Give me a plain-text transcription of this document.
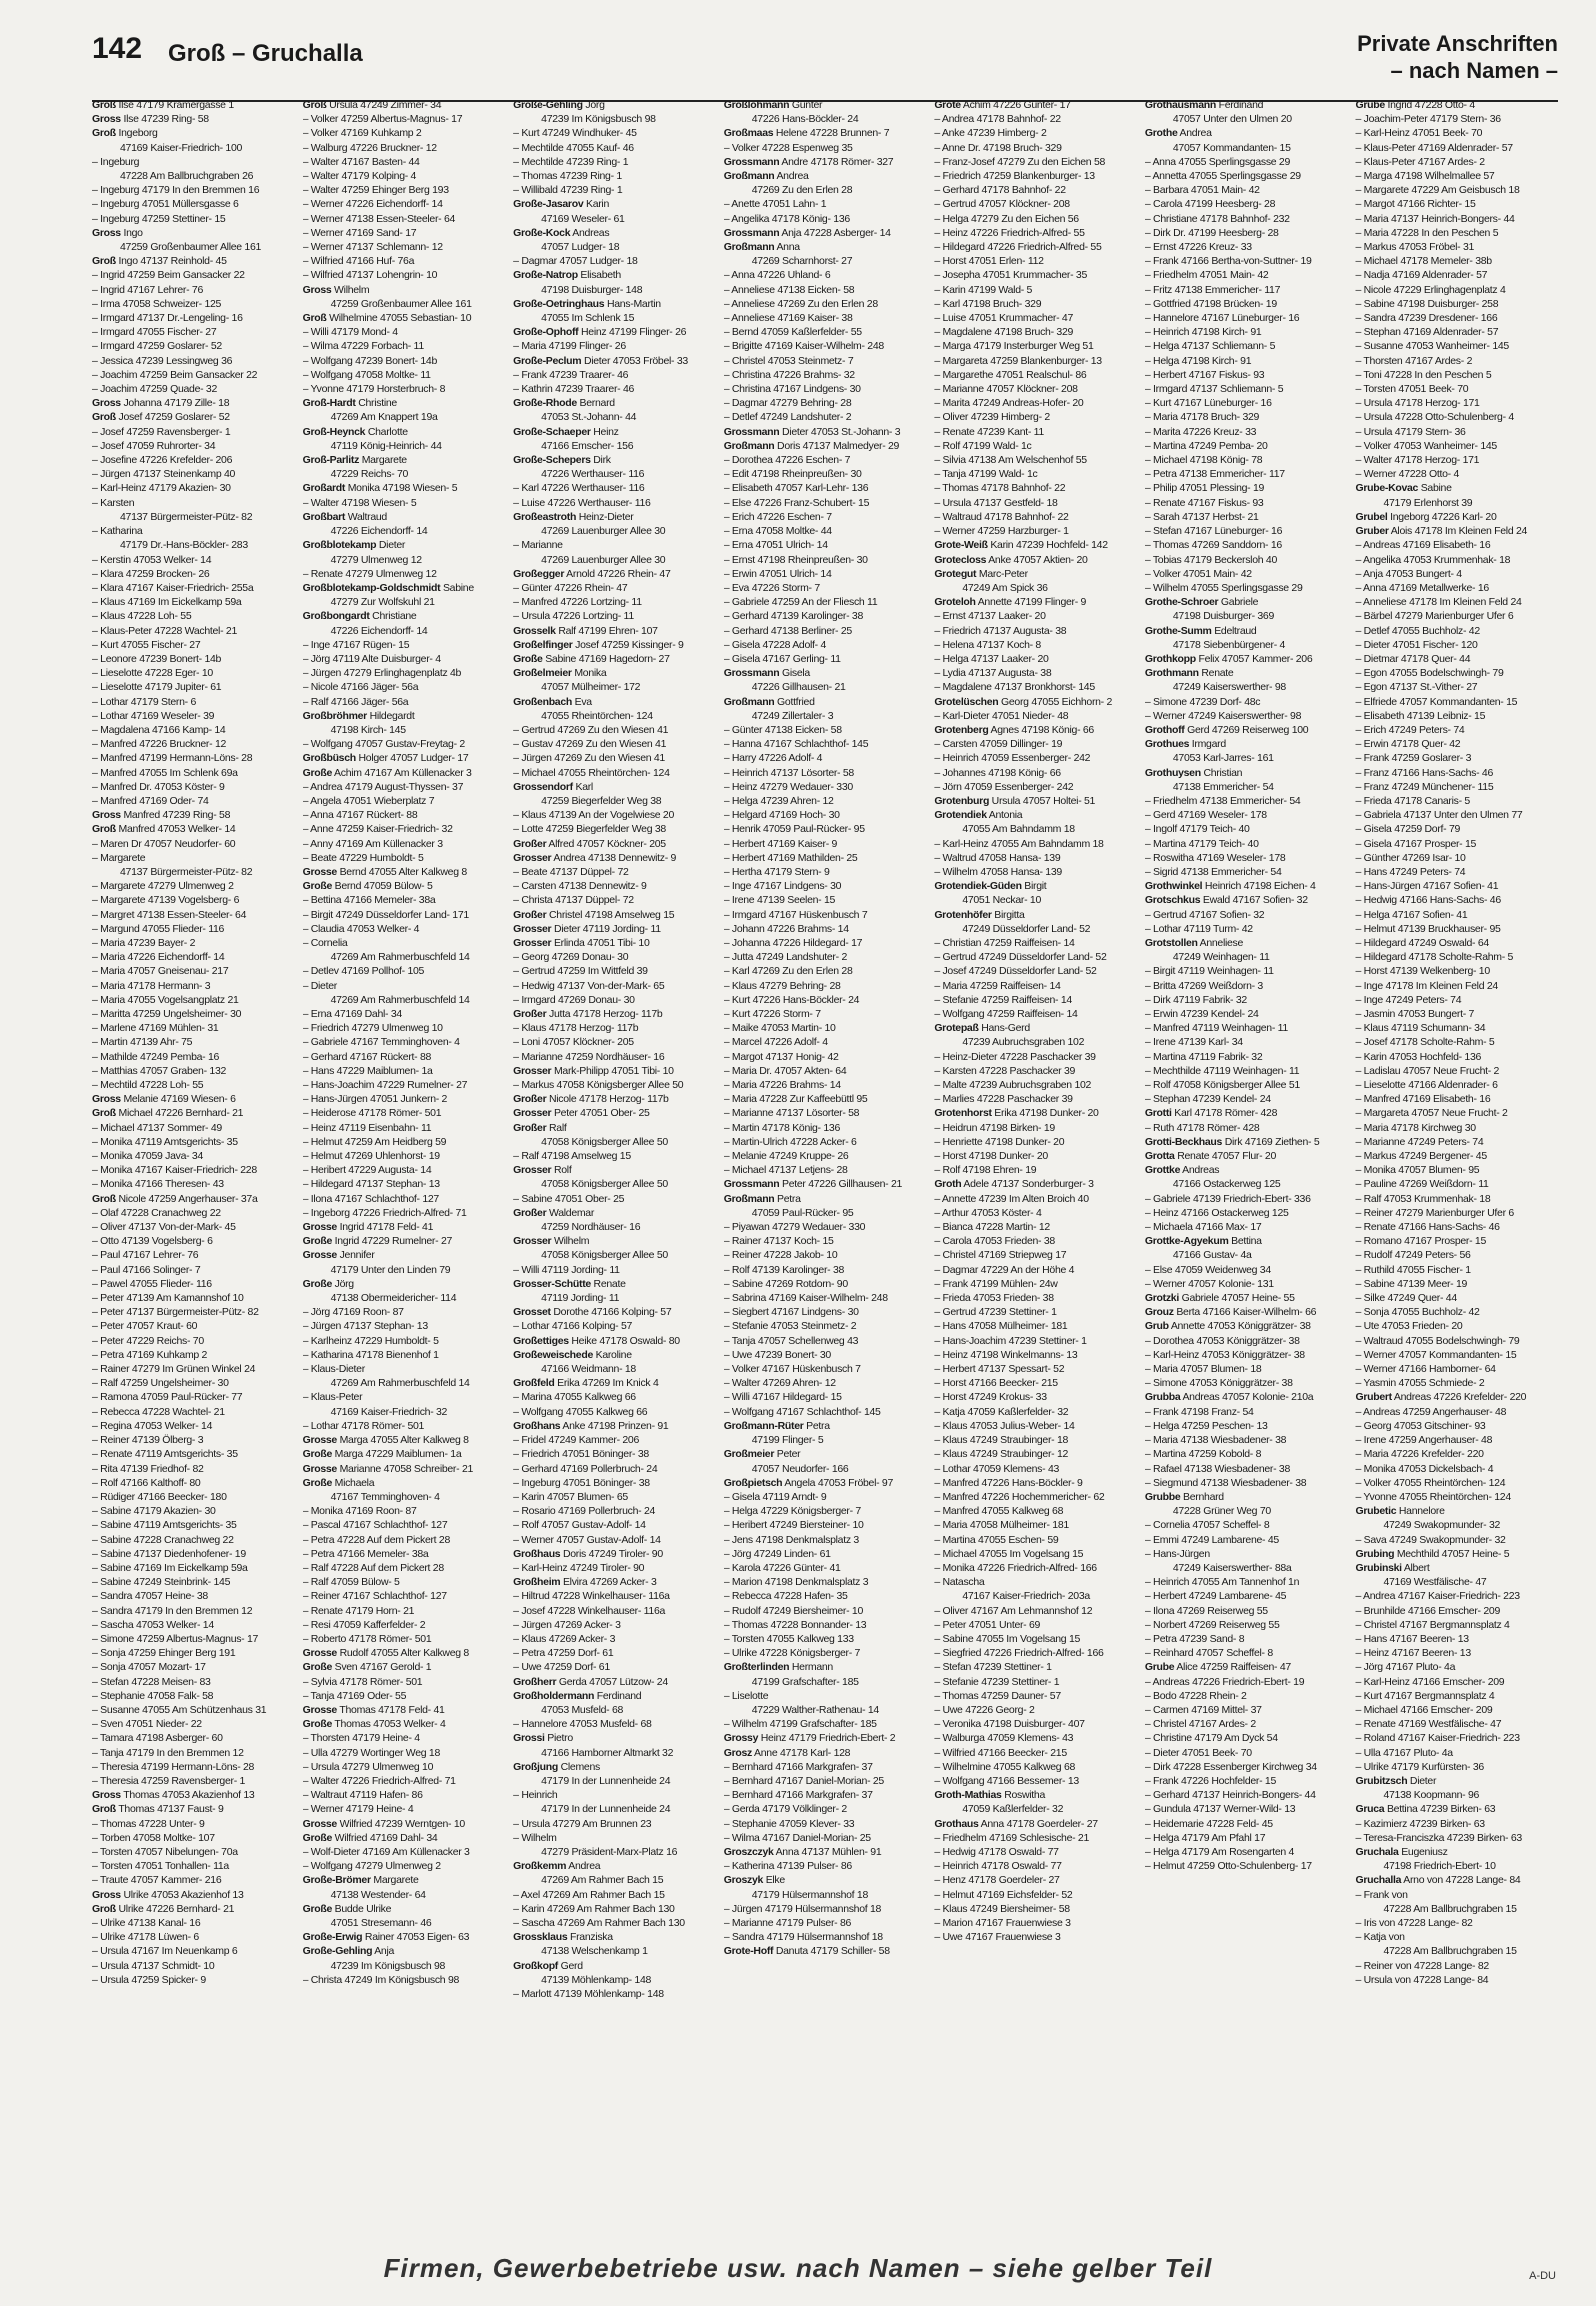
142 Groß – Gruchalla	Private Anschriften
– nach Namen –
Groß Ilse 47179 Krämergasse 1
Gross Ilse 47239 Ring- 58
Groß Ingeborg
47169 Kaiser-Friedrich- 100
– Ingeburg
47228 Am Ballbruchgraben 26
– Ingeburg 47179 In den Bremmen 16
– Ingeburg 47051 Müllersgasse 6
– Ingeburg 47259 Stettiner- 15
Gross Ingo
47259 Großenbaumer Allee 161
Groß Ingo 47137 Reinhold- 45
– Ingrid 47259 Beim Gansacker 22
– Ingrid 47167 Lehrer- 76
– Irma 47058 Schweizer- 125
– Irmgard 47137 Dr.-Lengeling- 16
– Irmgard 47055 Fischer- 27
– Irmgard 47259 Goslarer- 52
– Jessica 47239 Lessingweg 36
– Joachim 47259 Beim Gansacker 22
– Joachim 47259 Quade- 32
Gross Johanna 47179 Zille- 18
Groß Josef 47259 Goslarer- 52
– Josef 47259 Ravensberger- 1
– Josef 47059 Ruhrorter- 34
– Josefine 47226 Krefelder- 206
– Jürgen 47137 Steinenkamp 40
– Karl-Heinz 47179 Akazien- 30
– Karsten
47137 Bürgermeister-Pütz- 82
– Katharina
47179 Dr.-Hans-Böckler- 283
– Kerstin 47053 Welker- 14
– Klara 47259 Brocken- 26
– Klara 47167 Kaiser-Friedrich- 255a
– Klaus 47169 Im Eickelkamp 59a
– Klaus 47228 Loh- 55
– Klaus-Peter 47228 Wachtel- 21
– Kurt 47055 Fischer- 27
– Leonore 47239 Bonert- 14b
– Lieselotte 47228 Eger- 10
– Lieselotte 47179 Jupiter- 61
– Lothar 47179 Stern- 6
– Lothar 47169 Weseler- 39
– Magdalena 47166 Kamp- 14
– Manfred 47226 Bruckner- 12
– Manfred 47199 Hermann-Löns- 28
– Manfred 47055 Im Schlenk 69a
– Manfred Dr. 47053 Köster- 9
– Manfred 47169 Oder- 74
Gross Manfred 47239 Ring- 58
Groß Manfred 47053 Welker- 14
– Maren Dr 47057 Neudorfer- 60
– Margarete
47137 Bürgermeister-Pütz- 82
– Margarete 47279 Ulmenweg 2
– Margarete 47139 Vogelsberg- 6
– Margret 47138 Essen-Steeler- 64
– Margund 47055 Flieder- 116
– Maria 47239 Bayer- 2
– Maria 47226 Eichendorff- 14
– Maria 47057 Gneisenau- 217
– Maria 47178 Hermann- 3
– Maria 47055 Vogelsangplatz 21
– Maritta 47259 Ungelsheimer- 30
– Marlene 47169 Mühlen- 31
– Martin 47139 Ahr- 75
– Mathilde 47249 Pemba- 16
– Matthias 47057 Graben- 132
– Mechtild 47228 Loh- 55
Gross Melanie 47169 Wiesen- 6
Groß Michael 47226 Bernhard- 21
– Michael 47137 Sommer- 49
– Monika 47119 Amtsgerichts- 35
– Monika 47059 Java- 34
– Monika 47167 Kaiser-Friedrich- 228
– Monika 47166 Theresen- 43
Groß Nicole 47259 Angerhauser- 37a
– Olaf 47228 Cranachweg 22
– Oliver 47137 Von-der-Mark- 45
– Otto 47139 Vogelsberg- 6
– Paul 47167 Lehrer- 76
– Paul 47166 Solinger- 7
– Pawel 47055 Flieder- 116
– Peter 47139 Am Kamannshof 10
– Peter 47137 Bürgermeister-Pütz- 82
– Peter 47057 Kraut- 60
– Peter 47229 Reichs- 70
– Petra 47169 Kuhkamp 2
– Rainer 47279 Im Grünen Winkel 24
– Ralf 47259 Ungelsheimer- 30
– Ramona 47059 Paul-Rücker- 77
– Rebecca 47228 Wachtel- 21
– Regina 47053 Welker- 14
– Reiner 47139 Ölberg- 3
– Renate 47119 Amtsgerichts- 35
– Rita 47139 Friedhof- 82
– Rolf 47166 Kalthoff- 80
– Rüdiger 47166 Beecker- 180
– Sabine 47179 Akazien- 30
– Sabine 47119 Amtsgerichts- 35
– Sabine 47228 Cranachweg 22
– Sabine 47137 Diedenhofener- 19
– Sabine 47169 Im Eickelkamp 59a
– Sabine 47249 Steinbrink- 145
– Sandra 47057 Heine- 38
– Sandra 47179 In den Bremmen 12
– Sascha 47053 Welker- 14
– Simone 47259 Albertus-Magnus- 17
– Sonja 47259 Ehinger Berg 191
– Sonja 47057 Mozart- 17
– Stefan 47228 Meisen- 83
– Stephanie 47058 Falk- 58
– Susanne 47055 Am Schützenhaus 31
– Sven 47051 Nieder- 22
– Tamara 47198 Asberger- 60
– Tanja 47179 In den Bremmen 12
– Theresia 47199 Hermann-Löns- 28
– Theresia 47259 Ravensberger- 1
Gross Thomas 47053 Akazienhof 13
Groß Thomas 47137 Faust- 9
– Thomas 47228 Unter- 9
– Torben 47058 Moltke- 107
– Torsten 47057 Nibelungen- 70a
– Torsten 47051 Tonhallen- 11a
– Traute 47057 Kammer- 216
Gross Ulrike 47053 Akazienhof 13
Groß Ulrike 47226 Bernhard- 21
– Ulrike 47138 Kanal- 16
– Ulrike 47178 Lüwen- 6
– Ursula 47167 Im Neuenkamp 6
– Ursula 47137 Schmidt- 10
– Ursula 47259 Spicker- 9
Groß Ursula 47249 Zimmer- 34
– Volker 47259 Albertus-Magnus- 17
– Volker 47169 Kuhkamp 2
– Walburg 47226 Bruckner- 12
– Walter 47167 Basten- 44
– Walter 47179 Kolping- 4
– Walter 47259 Ehinger Berg 193
– Werner 47226 Eichendorff- 14
– Werner 47138 Essen-Steeler- 64
– Werner 47169 Sand- 17
– Werner 47137 Schlemann- 12
– Wilfried 47166 Huf- 76a
– Wilfried 47137 Lohengrin- 10
Gross Wilhelm
47259 Großenbaumer Allee 161
Groß Wilhelmine 47055 Sebastian- 10
– Willi 47179 Mond- 4
– Wilma 47229 Forbach- 11
– Wolfgang 47239 Bonert- 14b
– Wolfgang 47058 Moltke- 11
– Yvonne 47179 Horsterbruch- 8
Groß-Hardt Christine
47269 Am Knappert 19a
Groß-Heynck Charlotte
47119 König-Heinrich- 44
Groß-Parlitz Margarete
47229 Reichs- 70
Großardt Monika 47198 Wiesen- 5
– Walter 47198 Wiesen- 5
Großbart Waltraud
47226 Eichendorff- 14
Großblotekamp Dieter
47279 Ulmenweg 12
– Renate 47279 Ulmenweg 12
Großblotekamp-Goldschmidt Sabine
47279 Zur Wolfskuhl 21
Großbongardt Christiane
47226 Eichendorff- 14
– Inge 47167 Rügen- 15
– Jörg 47119 Alte Duisburger- 4
– Jürgen 47279 Erlinghagenplatz 4b
– Nicole 47166 Jäger- 56a
– Ralf 47166 Jäger- 56a
Großbröhmer Hildegardt
47198 Kirch- 145
– Wolfgang 47057 Gustav-Freytag- 2
Großbüsch Holger 47057 Ludger- 17
Große Achim 47167 Am Küllenacker 3
– Andrea 47179 August-Thyssen- 37
– Angela 47051 Wieberplatz 7
– Anna 47167 Rückert- 88
– Anne 47259 Kaiser-Friedrich- 32
– Anny 47169 Am Küllenacker 3
– Beate 47229 Humboldt- 5
Grosse Bernd 47055 Alter Kalkweg 8
Große Bernd 47059 Bülow- 5
– Bettina 47166 Memeler- 38a
– Birgit 47249 Düsseldorfer Land- 171
– Claudia 47053 Welker- 4
– Cornelia
47269 Am Rahmerbuschfeld 14
– Detlev 47169 Pollhof- 105
– Dieter
47269 Am Rahmerbuschfeld 14
– Erna 47169 Dahl- 34
– Friedrich 47279 Ulmenweg 10
– Gabriele 47167 Temminghoven- 4
– Gerhard 47167 Rückert- 88
– Hans 47229 Maiblumen- 1a
– Hans-Joachim 47229 Rumelner- 27
– Hans-Jürgen 47051 Junkern- 2
– Heiderose 47178 Römer- 501
– Heinz 47119 Eisenbahn- 11
– Helmut 47259 Am Heidberg 59
– Helmut 47269 Uhlenhorst- 19
– Heribert 47229 Augusta- 14
– Hildegard 47137 Stephan- 13
– Ilona 47167 Schlachthof- 127
– Ingeborg 47226 Friedrich-Alfred- 71
Grosse Ingrid 47178 Feld- 41
Große Ingrid 47229 Rumelner- 27
Grosse Jennifer
47179 Unter den Linden 79
Große Jörg
47138 Obermeidericher- 114
– Jörg 47169 Roon- 87
– Jürgen 47137 Stephan- 13
– Karlheinz 47229 Humboldt- 5
– Katharina 47178 Bienenhof 1
– Klaus-Dieter
47269 Am Rahmerbuschfeld 14
– Klaus-Peter
47169 Kaiser-Friedrich- 32
– Lothar 47178 Römer- 501
Grosse Marga 47055 Alter Kalkweg 8
Große Marga 47229 Maiblumen- 1a
Grosse Marianne 47058 Schreiber- 21
Große Michaela
47167 Temminghoven- 4
– Monika 47169 Roon- 87
– Pascal 47167 Schlachthof- 127
– Petra 47228 Auf dem Pickert 28
– Petra 47166 Memeler- 38a
– Ralf 47228 Auf dem Pickert 28
– Ralf 47059 Bülow- 5
– Reiner 47167 Schlachthof- 127
– Renate 47179 Horn- 21
– Resi 47059 Kafferfelder- 2
– Roberto 47178 Römer- 501
Grosse Rudolf 47055 Alter Kalkweg 8
Große Sven 47167 Gerold- 1
– Sylvia 47178 Römer- 501
– Tanja 47169 Oder- 55
Grosse Thomas 47178 Feld- 41
Große Thomas 47053 Welker- 4
– Thorsten 47179 Heine- 4
– Ulla 47279 Wortinger Weg 18
– Ursula 47279 Ulmenweg 10
– Walter 47226 Friedrich-Alfred- 71
– Waltraut 47119 Hafen- 86
– Werner 47179 Heine- 4
Grosse Wilfried 47239 Werntgen- 10
Große Wilfried 47169 Dahl- 34
– Wolf-Dieter 47169 Am Küllenacker 3
– Wolfgang 47279 Ulmenweg 2
Große-Brömer Margarete
47138 Westender- 64
Große Budde Ulrike
47051 Stresemann- 46
Große-Erwig Rainer 47053 Eigen- 63
Große-Gehling Anja
47239 Im Königsbusch 98
– Christa 47249 Im Königsbusch 98
Große-Gehling Jörg
47239 Im Königsbusch 98
– Kurt 47249 Windhuker- 45
– Mechtilde 47055 Kauf- 46
– Mechtilde 47239 Ring- 1
– Thomas 47239 Ring- 1
– Willibald 47239 Ring- 1
Große-Jasarov Karin
47169 Weseler- 61
Große-Kock Andreas
47057 Ludger- 18
– Dagmar 47057 Ludger- 18
Große-Natrop Elisabeth
47198 Duisburger- 148
Große-Oetringhaus Hans-Martin
47055 Im Schlenk 15
Große-Ophoff Heinz 47199 Flinger- 26
– Maria 47199 Flinger- 26
Große-Peclum Dieter 47053 Fröbel- 33
– Frank 47239 Traarer- 46
– Kathrin 47239 Traarer- 46
Große-Rhode Bernard
47053 St.-Johann- 44
Große-Schaeper Heinz
47166 Emscher- 156
Große-Schepers Dirk
47226 Werthauser- 116
– Karl 47226 Werthauser- 116
– Luise 47226 Werthauser- 116
Großeastroth Heinz-Dieter
47269 Lauenburger Allee 30
– Marianne
47269 Lauenburger Allee 30
Großegger Arnold 47226 Rhein- 47
– Günter 47226 Rhein- 47
– Manfred 47226 Lortzing- 11
– Ursula 47226 Lortzing- 11
Grosselk Ralf 47199 Ehren- 107
Großelfinger Josef 47259 Kissinger- 9
Große Sabine 47169 Hagedorn- 27
Großelmeier Monika
47057 Mülheimer- 172
Großenbach Eva
47055 Rheintörchen- 124
– Gertrud 47269 Zu den Wiesen 41
– Gustav 47269 Zu den Wiesen 41
– Jürgen 47269 Zu den Wiesen 41
– Michael 47055 Rheintörchen- 124
Grossendorf Karl
47259 Biegerfelder Weg 38
– Klaus 47139 An der Vogelwiese 20
– Lotte 47259 Biegerfelder Weg 38
Großer Alfred 47057 Köckner- 205
Grosser Andrea 47138 Dennewitz- 9
– Beate 47137 Düppel- 72
– Carsten 47138 Dennewitz- 9
– Christa 47137 Düppel- 72
Großer Christel 47198 Amselweg 15
Grosser Dieter 47119 Jording- 11
Grosser Erlinda 47051 Tibi- 10
– Georg 47269 Donau- 30
– Gertrud 47259 Im Wittfeld 39
– Hedwig 47137 Von-der-Mark- 65
– Irmgard 47269 Donau- 30
Großer Jutta 47178 Herzog- 117b
– Klaus 47178 Herzog- 117b
– Loni 47057 Klöckner- 205
– Marianne 47259 Nordhäuser- 16
Grosser Mark-Philipp 47051 Tibi- 10
– Markus 47058 Königsberger Allee 50
Großer Nicole 47178 Herzog- 117b
Grosser Peter 47051 Ober- 25
Großer Ralf
47058 Königsberger Allee 50
– Ralf 47198 Amselweg 15
Grosser Rolf
47058 Königsberger Allee 50
– Sabine 47051 Ober- 25
Großer Waldemar
47259 Nordhäuser- 16
Grosser Wilhelm
47058 Königsberger Allee 50
– Willi 47119 Jording- 11
Grosser-Schütte Renate
47119 Jording- 11
Grosset Dorothe 47166 Kolping- 57
– Lothar 47166 Kolping- 57
Großettiges Heike 47178 Oswald- 80
Großeweischede Karoline
47166 Weidmann- 18
Großfeld Erika 47269 Im Knick 4
– Marina 47055 Kalkweg 66
– Wolfgang 47055 Kalkweg 66
Großhans Anke 47198 Prinzen- 91
– Fridel 47249 Kammer- 206
– Friedrich 47051 Böninger- 38
– Gerhard 47169 Pollerbruch- 24
– Ingeburg 47051 Böninger- 38
– Karin 47057 Blumen- 65
– Rosario 47169 Pollerbruch- 24
– Rolf 47057 Gustav-Adolf- 14
– Werner 47057 Gustav-Adolf- 14
Großhaus Doris 47249 Tiroler- 90
– Karl-Heinz 47249 Tiroler- 90
Großheim Elvira 47269 Acker- 3
– Hiltrud 47228 Winkelhauser- 116a
– Josef 47228 Winkelhauser- 116a
– Jürgen 47269 Acker- 3
– Klaus 47269 Acker- 3
– Petra 47259 Dorf- 61
– Uwe 47259 Dorf- 61
Großherr Gerda 47057 Lützow- 24
Großholdermann Ferdinand
47053 Musfeld- 68
– Hannelore 47053 Musfeld- 68
Grossi Pietro
47166 Hamborner Altmarkt 32
Großjung Clemens
47179 In der Lunnenheide 24
– Heinrich
47179 In der Lunnenheide 24
– Ursula 47279 Am Brunnen 23
– Wilhelm
47279 Präsident-Marx-Platz 16
Großkemm Andrea
47269 Am Rahmer Bach 15
– Axel 47269 Am Rahmer Bach 15
– Karin 47269 Am Rahmer Bach 130
– Sascha 47269 Am Rahmer Bach 130
Grossklaus Franziska
47138 Welschenkamp 1
Großkopf Gerd
47139 Möhlenkamp- 148
– Marlott 47139 Möhlenkamp- 148
Großlohmann Günter
47226 Hans-Böckler- 24
Großmaas Helene 47228 Brunnen- 7
– Volker 47228 Espenweg 35
Grossmann Andre 47178 Römer- 327
Großmann Andrea
47269 Zu den Erlen 28
– Anette 47051 Lahn- 1
– Angelika 47178 König- 136
Grossmann Anja 47228 Asberger- 14
Großmann Anna
47269 Scharnhorst- 27
– Anna 47226 Uhland- 6
– Anneliese 47138 Eicken- 58
– Anneliese 47269 Zu den Erlen 28
– Anneliese 47169 Kaiser- 38
– Bernd 47059 Kaßlerfelder- 55
– Brigitte 47169 Kaiser-Wilhelm- 248
– Christel 47053 Steinmetz- 7
– Christina 47226 Brahms- 32
– Christina 47167 Lindgens- 30
– Dagmar 47279 Behring- 28
– Detlef 47249 Landshuter- 2
Grossmann Dieter 47053 St.-Johann- 3
Großmann Doris 47137 Malmedyer- 29
– Dorothea 47226 Eschen- 7
– Edit 47198 Rheinpreußen- 30
– Elisabeth 47057 Karl-Lehr- 136
– Else 47226 Franz-Schubert- 15
– Erich 47226 Eschen- 7
– Erna 47058 Moltke- 44
– Erna 47051 Ulrich- 14
– Ernst 47198 Rheinpreußen- 30
– Erwin 47051 Ulrich- 14
– Eva 47226 Storm- 7
– Gabriele 47259 An der Fliesch 11
– Gerhard 47139 Karolinger- 38
– Gerhard 47138 Berliner- 25
– Gisela 47228 Adolf- 4
– Gisela 47167 Gerling- 11
Grossmann Gisela
47226 Gillhausen- 21
Großmann Gottfried
47249 Zillertaler- 3
– Günter 47138 Eicken- 58
– Hanna 47167 Schlachthof- 145
– Harry 47226 Adolf- 4
– Heinrich 47137 Lösorter- 58
– Heinz 47279 Wedauer- 330
– Helga 47239 Ahren- 12
– Helgard 47169 Hoch- 30
– Henrik 47059 Paul-Rücker- 95
– Herbert 47169 Kaiser- 9
– Herbert 47169 Mathilden- 25
– Hertha 47179 Stern- 9
– Inge 47167 Lindgens- 30
– Irene 47139 Seelen- 15
– Irmgard 47167 Hüskenbusch 7
– Johann 47226 Brahms- 14
– Johanna 47226 Hildegard- 17
– Jutta 47249 Landshuter- 2
– Karl 47269 Zu den Erlen 28
– Klaus 47279 Behring- 28
– Kurt 47226 Hans-Böckler- 24
– Kurt 47226 Storm- 7
– Maike 47053 Martin- 10
– Marcel 47226 Adolf- 4
– Margot 47137 Honig- 42
– Maria Dr. 47057 Akten- 64
– Maria 47226 Brahms- 14
– Maria 47228 Zur Kaffeebüttl 95
– Marianne 47137 Lösorter- 58
– Martin 47178 König- 136
– Martin-Ulrich 47228 Acker- 6
– Melanie 47249 Kruppe- 26
– Michael 47137 Letjens- 28
Grossmann Peter 47226 Gillhausen- 21
Großmann Petra
47059 Paul-Rücker- 95
– Piyawan 47279 Wedauer- 330
– Rainer 47137 Koch- 15
– Reiner 47228 Jakob- 10
– Rolf 47139 Karolinger- 38
– Sabine 47269 Rotdorn- 90
– Sabrina 47169 Kaiser-Wilhelm- 248
– Siegbert 47167 Lindgens- 30
– Stefanie 47053 Steinmetz- 2
– Tanja 47057 Schellenweg 43
– Uwe 47239 Bonert- 30
– Volker 47167 Hüskenbusch 7
– Walter 47269 Ahren- 12
– Willi 47167 Hildegard- 15
– Wolfgang 47167 Schlachthof- 145
Großmann-Rüter Petra
47199 Flinger- 5
Großmeier Peter
47057 Neudorfer- 166
Großpietsch Angela 47053 Fröbel- 97
– Gisela 47119 Arndt- 9
– Helga 47229 Königsberger- 7
– Heribert 47249 Biersteiner- 10
– Jens 47198 Denkmalsplatz 3
– Jörg 47249 Linden- 61
– Karola 47226 Günter- 41
– Marion 47198 Denkmalsplatz 3
– Rebecca 47228 Hafen- 35
– Rudolf 47249 Biersheimer- 10
– Thomas 47228 Bonnander- 13
– Torsten 47055 Kalkweg 133
– Ulrike 47228 Königsberger- 7
Großterlinden Hermann
47199 Grafschafter- 185
– Liselotte
47229 Walther-Rathenau- 14
– Wilhelm 47199 Grafschafter- 185
Grossy Heinz 47179 Friedrich-Ebert- 2
Grosz Anne 47178 Karl- 128
– Bernhard 47166 Markgrafen- 37
– Bernhard 47167 Daniel-Morian- 25
– Bernhard 47166 Markgrafen- 37
– Gerda 47179 Völklinger- 2
– Stephanie 47059 Klever- 33
– Wilma 47167 Daniel-Morian- 25
Groszczyk Anna 47137 Mühlen- 91
– Katherina 47139 Pulser- 86
Groszyk Elke
47179 Hülsermannshof 18
– Jürgen 47179 Hülsermannshof 18
– Marianne 47179 Pulser- 86
– Sandra 47179 Hülsermannshof 18
Grote-Hoff Danuta 47179 Schiller- 58
Grote Achim 47226 Günter- 17
– Andrea 47178 Bahnhof- 22
– Anke 47239 Himberg- 2
– Anne Dr. 47198 Bruch- 329
– Franz-Josef 47279 Zu den Eichen 58
– Friedrich 47259 Blankenburger- 13
– Gerhard 47178 Bahnhof- 22
– Gertrud 47057 Klöckner- 208
– Helga 47279 Zu den Eichen 56
– Heinz 47226 Friedrich-Alfred- 55
– Hildegard 47226 Friedrich-Alfred- 55
– Horst 47051 Erlen- 112
– Josepha 47051 Krummacher- 35
– Karin 47199 Wald- 5
– Karl 47198 Bruch- 329
– Luise 47051 Krummacher- 47
– Magdalene 47198 Bruch- 329
– Marga 47179 Insterburger Weg 51
– Margareta 47259 Blankenburger- 13
– Margarethe 47051 Realschul- 86
– Marianne 47057 Klöckner- 208
– Marita 47249 Andreas-Hofer- 20
– Oliver 47239 Himberg- 2
– Renate 47239 Kant- 11
– Rolf 47199 Wald- 1c
– Silvia 47138 Am Welschenhof 55
– Tanja 47199 Wald- 1c
– Thomas 47178 Bahnhof- 22
– Ursula 47137 Gestfeld- 18
– Waltraud 47178 Bahnhof- 22
– Werner 47259 Harzburger- 1
Grote-Weiß Karin 47239 Hochfeld- 142
Grotecloss Anke 47057 Aktien- 20
Grotegut Marc-Peter
47249 Am Spick 36
Groteloh Annette 47199 Flinger- 9
– Ernst 47137 Laaker- 20
– Friedrich 47137 Augusta- 38
– Helena 47137 Koch- 8
– Helga 47137 Laaker- 20
– Lydia 47137 Augusta- 38
– Magdalene 47137 Bronkhorst- 145
Grotelüschen Georg 47055 Eichhorn- 2
– Karl-Dieter 47051 Nieder- 48
Grotenberg Agnes 47198 König- 66
– Carsten 47059 Dillinger- 19
– Heinrich 47059 Essenberger- 242
– Johannes 47198 König- 66
– Jörn 47059 Essenberger- 242
Grotenburg Ursula 47057 Holtei- 51
Grotendiek Antonia
47055 Am Bahndamm 18
– Karl-Heinz 47055 Am Bahndamm 18
– Waltrud 47058 Hansa- 139
– Wilhelm 47058 Hansa- 139
Grotendiek-Güden Birgit
47051 Neckar- 10
Grotenhöfer Birgitta
47249 Düsseldorfer Land- 52
– Christian 47259 Raiffeisen- 14
– Gertrud 47249 Düsseldorfer Land- 52
– Josef 47249 Düsseldorfer Land- 52
– Maria 47259 Raiffeisen- 14
– Stefanie 47259 Raiffeisen- 14
– Wolfgang 47259 Raiffeisen- 14
Grotepaß Hans-Gerd
47239 Aubruchsgraben 102
– Heinz-Dieter 47228 Paschacker 39
– Karsten 47228 Paschacker 39
– Malte 47239 Aubruchsgraben 102
– Marlies 47228 Paschacker 39
Grotenhorst Erika 47198 Dunker- 20
– Heidrun 47198 Birken- 19
– Henriette 47198 Dunker- 20
– Horst 47198 Dunker- 20
– Rolf 47198 Ehren- 19
Groth Adele 47137 Sonderburger- 3
– Annette 47239 Im Alten Broich 40
– Arthur 47053 Köster- 4
– Bianca 47228 Martin- 12
– Carola 47053 Frieden- 38
– Christel 47169 Striepweg 17
– Dagmar 47229 An der Höhe 4
– Frank 47199 Mühlen- 24w
– Frieda 47053 Frieden- 38
– Gertrud 47239 Stettiner- 1
– Hans 47058 Mülheimer- 181
– Hans-Joachim 47239 Stettiner- 1
– Heinz 47198 Winkelmanns- 13
– Herbert 47137 Spessart- 52
– Horst 47166 Beecker- 215
– Horst 47249 Krokus- 33
– Katja 47059 Kaßlerfelder- 32
– Klaus 47053 Julius-Weber- 14
– Klaus 47249 Straubinger- 18
– Klaus 47249 Straubinger- 12
– Lothar 47059 Klemens- 43
– Manfred 47226 Hans-Böckler- 9
– Manfred 47226 Hochemmericher- 62
– Manfred 47055 Kalkweg 68
– Maria 47058 Mülheimer- 181
– Martina 47055 Eschen- 59
– Michael 47055 Im Vogelsang 15
– Monika 47226 Friedrich-Alfred- 166
– Natascha
47167 Kaiser-Friedrich- 203a
– Oliver 47167 Am Lehmannshof 12
– Peter 47051 Unter- 69
– Sabine 47055 Im Vogelsang 15
– Siegfried 47226 Friedrich-Alfred- 166
– Stefan 47239 Stettiner- 1
– Stefanie 47239 Stettiner- 1
– Thomas 47259 Dauner- 57
– Uwe 47226 Georg- 2
– Veronika 47198 Duisburger- 407
– Walburga 47059 Klemens- 43
– Wilfried 47166 Beecker- 215
– Wilhelmine 47055 Kalkweg 68
– Wolfgang 47166 Bessemer- 13
Groth-Mathias Roswitha
47059 Kaßlerfelder- 32
Grothaus Anna 47178 Goerdeler- 27
– Friedhelm 47169 Schlesische- 21
– Hedwig 47178 Oswald- 77
– Heinrich 47178 Oswald- 77
– Henz 47178 Goerdeler- 27
– Helmut 47169 Eichsfelder- 52
– Klaus 47249 Biersheimer- 58
– Marion 47167 Frauenwiese 3
– Uwe 47167 Frauenwiese 3
Grothausmann Ferdinand
47057 Unter den Ulmen 20
Grothe Andrea
47057 Kommandanten- 15
– Anna 47055 Sperlingsgasse 29
– Annetta 47055 Sperlingsgasse 29
– Barbara 47051 Main- 42
– Carola 47199 Heesberg- 28
– Christiane 47178 Bahnhof- 232
– Dirk Dr. 47199 Heesberg- 28
– Ernst 47226 Kreuz- 33
– Frank 47166 Bertha-von-Suttner- 19
– Friedhelm 47051 Main- 42
– Fritz 47138 Emmericher- 117
– Gottfried 47198 Brücken- 19
– Hannelore 47167 Lüneburger- 16
– Heinrich 47198 Kirch- 91
– Helga 47137 Schliemann- 5
– Helga 47198 Kirch- 91
– Herbert 47167 Fiskus- 93
– Irmgard 47137 Schliemann- 5
– Kurt 47167 Lüneburger- 16
– Maria 47178 Bruch- 329
– Marita 47226 Kreuz- 33
– Martina 47249 Pemba- 20
– Michael 47198 König- 78
– Petra 47138 Emmericher- 117
– Philip 47051 Plessing- 19
– Renate 47167 Fiskus- 93
– Sarah 47137 Herbst- 21
– Stefan 47167 Lüneburger- 16
– Thomas 47269 Sanddorn- 16
– Tobias 47179 Beckersloh 40
– Volker 47051 Main- 42
– Wilhelm 47055 Sperlingsgasse 29
Grothe-Schroer Gabriele
47198 Duisburger- 369
Grothe-Summ Edeltraud
47178 Siebenbürgener- 4
Grothkopp Felix 47057 Kammer- 206
Grothmann Renate
47249 Kaiserswerther- 98
– Simone 47239 Dorf- 48c
– Werner 47249 Kaiserswerther- 98
Grothoff Gerd 47269 Reiserweg 100
Grothues Irmgard
47053 Karl-Jarres- 161
Grothuysen Christian
47138 Emmericher- 54
– Friedhelm 47138 Emmericher- 54
– Gerd 47169 Weseler- 178
– Ingolf 47179 Teich- 40
– Martina 47179 Teich- 40
– Roswitha 47169 Weseler- 178
– Sigrid 47138 Emmericher- 54
Grothwinkel Heinrich 47198 Eichen- 4
Grotschkus Ewald 47167 Sofien- 32
– Gertrud 47167 Sofien- 32
– Lothar 47119 Turm- 42
Grotstollen Anneliese
47249 Weinhagen- 11
– Birgit 47119 Weinhagen- 11
– Britta 47269 Weißdorn- 3
– Dirk 47119 Fabrik- 32
– Erwin 47239 Kendel- 24
– Manfred 47119 Weinhagen- 11
– Irene 47139 Karl- 34
– Martina 47119 Fabrik- 32
– Mechthilde 47119 Weinhagen- 11
– Rolf 47058 Königsberger Allee 51
– Stephan 47239 Kendel- 24
Grotti Karl 47178 Römer- 428
– Ruth 47178 Römer- 428
Grotti-Beckhaus Dirk 47169 Ziethen- 5
Grotta Renate 47057 Flur- 20
Grottke Andreas
47166 Ostackerweg 125
– Gabriele 47139 Friedrich-Ebert- 336
– Heinz 47166 Ostackerweg 125
– Michaela 47166 Max- 17
Grottke-Agyekum Bettina
47166 Gustav- 4a
– Else 47059 Weidenweg 34
– Werner 47057 Kolonie- 131
Grotzki Gabriele 47057 Heine- 55
Grouz Berta 47166 Kaiser-Wilhelm- 66
Grub Annette 47053 Königgrätzer- 38
– Dorothea 47053 Königgrätzer- 38
– Karl-Heinz 47053 Königgrätzer- 38
– Maria 47057 Blumen- 18
– Simone 47053 Königgrätzer- 38
Grubba Andreas 47057 Kolonie- 210a
– Frank 47198 Franz- 54
– Helga 47259 Peschen- 13
– Maria 47138 Wiesbadener- 38
– Martina 47259 Kobold- 8
– Rafael 47138 Wiesbadener- 38
– Siegmund 47138 Wiesbadener- 38
Grubbe Bernhard
47228 Grüner Weg 70
– Cornelia 47057 Scheffel- 8
– Emmi 47249 Lambarene- 45
– Hans-Jürgen
47249 Kaiserswerther- 88a
– Heinrich 47055 Am Tannenhof 1n
– Herbert 47249 Lambarene- 45
– Ilona 47269 Reiserweg 55
– Norbert 47269 Reiserweg 55
– Petra 47239 Sand- 8
– Reinhard 47057 Scheffel- 8
Grube Alice 47259 Raiffeisen- 47
– Andreas 47226 Friedrich-Ebert- 19
– Bodo 47228 Rhein- 2
– Carmen 47169 Mittel- 37
– Christel 47167 Ardes- 2
– Christine 47179 Am Dyck 54
– Dieter 47051 Beek- 70
– Dirk 47228 Essenberger Kirchweg 34
– Frank 47226 Hochfelder- 15
– Gerhard 47137 Heinrich-Bongers- 44
– Gundula 47137 Werner-Wild- 13
– Heidemarie 47228 Feld- 45
– Helga 47179 Am Pfahl 17
– Helga 47179 Am Rosengarten 4
– Helmut 47259 Otto-Schulenberg- 17
Grube Ingrid 47228 Otto- 4
– Joachim-Peter 47179 Stern- 36
– Karl-Heinz 47051 Beek- 70
– Klaus-Peter 47169 Aldenrader- 57
– Klaus-Peter 47167 Ardes- 2
– Marga 47198 Wilhelmallee 57
– Margarete 47229 Am Geisbusch 18
– Margot 47166 Richter- 15
– Maria 47137 Heinrich-Bongers- 44
– Maria 47228 In den Peschen 5
– Markus 47053 Fröbel- 31
– Michael 47178 Memeler- 38b
– Nadja 47169 Aldenrader- 57
– Nicole 47229 Erlinghagenplatz 4
– Sabine 47198 Duisburger- 258
– Sandra 47239 Dresdener- 166
– Stephan 47169 Aldenrader- 57
– Susanne 47053 Wanheimer- 145
– Thorsten 47167 Ardes- 2
– Toni 47228 In den Peschen 5
– Torsten 47051 Beek- 70
– Ursula 47178 Herzog- 171
– Ursula 47228 Otto-Schulenberg- 4
– Ursula 47179 Stern- 36
– Volker 47053 Wanheimer- 145
– Walter 47178 Herzog- 171
– Werner 47228 Otto- 4
Grube-Kovac Sabine
47179 Erlenhorst 39
Grubel Ingeborg 47226 Karl- 20
Gruber Alois 47178 Im Kleinen Feld 24
– Andreas 47169 Elisabeth- 16
– Angelika 47053 Krummenhak- 18
– Anja 47053 Bungert- 4
– Anna 47169 Metallwerke- 16
– Anneliese 47178 Im Kleinen Feld 24
– Bärbel 47279 Marienburger Ufer 6
– Detlef 47055 Buchholz- 42
– Dieter 47051 Fischer- 120
– Dietmar 47178 Quer- 44
– Egon 47055 Bodelschwingh- 79
– Egon 47137 St.-Vither- 27
– Elfriede 47057 Kommandanten- 15
– Elisabeth 47139 Leibniz- 15
– Erich 47249 Peters- 74
– Erwin 47178 Quer- 42
– Frank 47259 Goslarer- 3
– Franz 47166 Hans-Sachs- 46
– Franz 47249 Münchener- 115
– Frieda 47178 Canaris- 5
– Gabriela 47137 Unter den Ulmen 77
– Gisela 47259 Dorf- 79
– Gisela 47167 Prosper- 15
– Günther 47269 Isar- 10
– Hans 47249 Peters- 74
– Hans-Jürgen 47167 Sofien- 41
– Hedwig 47166 Hans-Sachs- 46
– Helga 47167 Sofien- 41
– Helmut 47139 Bruckhauser- 95
– Hildegard 47249 Oswald- 64
– Hildegard 47178 Scholte-Rahm- 5
– Horst 47139 Welkenberg- 10
– Inge 47178 Im Kleinen Feld 24
– Inge 47249 Peters- 74
– Jasmin 47053 Bungert- 7
– Klaus 47119 Schumann- 34
– Josef 47178 Scholte-Rahm- 5
– Karin 47053 Hochfeld- 136
– Ladislau 47057 Neue Frucht- 2
– Lieselotte 47166 Aldenrader- 6
– Manfred 47169 Elisabeth- 16
– Margareta 47057 Neue Frucht- 2
– Maria 47178 Kirchweg 30
– Marianne 47249 Peters- 74
– Markus 47249 Bergener- 45
– Monika 47057 Blumen- 95
– Pauline 47269 Weißdorn- 11
– Ralf 47053 Krummenhak- 18
– Reiner 47279 Marienburger Ufer 6
– Renate 47166 Hans-Sachs- 46
– Romano 47167 Prosper- 15
– Rudolf 47249 Peters- 56
– Ruthild 47055 Fischer- 1
– Sabine 47139 Meer- 19
– Silke 47249 Quer- 44
– Sonja 47055 Buchholz- 42
– Ute 47053 Frieden- 20
– Waltraud 47055 Bodelschwingh- 79
– Werner 47057 Kommandanten- 15
– Werner 47166 Hamborner- 64
– Yasmin 47055 Schmiede- 2
Grubert Andreas 47226 Krefelder- 220
– Andreas 47259 Angerhauser- 48
– Georg 47053 Gitschiner- 93
– Irene 47259 Angerhauser- 48
– Maria 47226 Krefelder- 220
– Monika 47053 Dickelsbach- 4
– Volker 47055 Rheintörchen- 124
– Yvonne 47055 Rheintörchen- 124
Grubetic Hannelore
47249 Swakopmunder- 32
– Sava 47249 Swakopmunder- 32
Grubing Mechthild 47057 Heine- 5
Grubinski Albert
47169 Westfälische- 47
– Andrea 47167 Kaiser-Friedrich- 223
– Brunhilde 47166 Emscher- 209
– Christel 47167 Bergmannsplatz 4
– Hans 47167 Beeren- 13
– Heinz 47167 Beeren- 13
– Jörg 47167 Pluto- 4a
– Karl-Heinz 47166 Emscher- 209
– Kurt 47167 Bergmannsplatz 4
– Michael 47166 Emscher- 209
– Renate 47169 Westfälische- 47
– Roland 47167 Kaiser-Friedrich- 223
– Ulla 47167 Pluto- 4a
– Ulrike 47179 Kurfürsten- 36
Grubitzsch Dieter
47138 Koopmann- 96
Gruca Bettina 47239 Birken- 63
– Kazimierz 47239 Birken- 63
– Teresa-Franciszka 47239 Birken- 63
Gruchala Eugeniusz
47198 Friedrich-Ebert- 10
Gruchalla Arno von 47228 Lange- 84
– Frank von
47228 Am Ballbruchgraben 15
– Iris von 47228 Lange- 82
– Katja von
47228 Am Ballbruchgraben 15
– Reiner von 47228 Lange- 82
– Ursula von 47228 Lange- 84
Firmen, Gewerbebetriebe usw. nach Namen – siehe gelber Teil	A-DU
